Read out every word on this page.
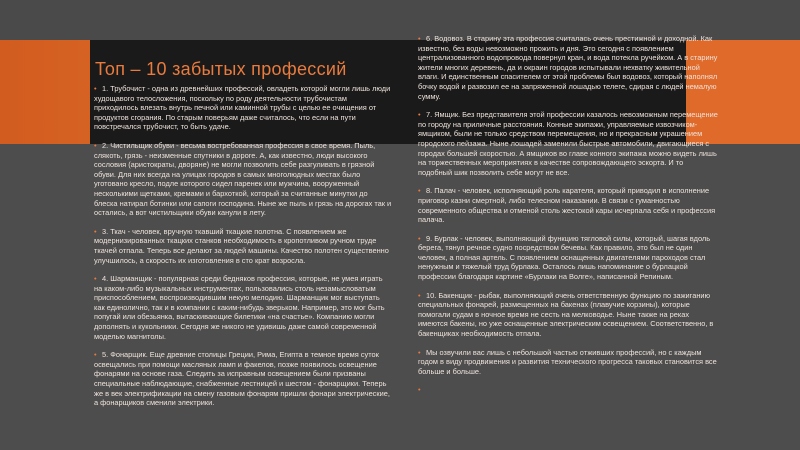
Топ – 10 забытых профессий
• 1. Трубочист - одна из древнейших профессий, овладеть которой могли лишь люди худощавого телосложения, поскольку по роду деятельности трубочистам приходилось влезать внутрь печной или каминной трубы с целью ее очищения от продуктов сгорания. По старым поверьям даже считалось, что если на пути повстречался трубочист, то быть удаче.
• 2. Чистильщик обуви - весьма востребованная профессия в свое время. Пыль, слякоть, грязь - неизменные спутники в дороге. А, как известно, люди высокого сословия (аристократы, дворяне) не могли позволить себе разгуливать в грязной обуви. Для них всегда на улицах городов в самых многолюдных местах было уготовано кресло, подле которого сидел паренек или мужчина, вооруженный несколькими щетками, кремами и бархоткой, который за считанные минутки до блеска натирал ботинки или сапоги господина. Ныне же пыль и грязь на дорогах так и остались, а вот чистильщики обуви канули в лету.
• 3. Ткач - человек, вручную ткавший ткацкие полотна. С появлением же модернизированных ткацких станков необходимость в кропотливом ручном труде ткачей отпала. Теперь все делают за людей машины. Качество полотен существенно улучшилось, а скорость их изготовления в сто крат возросла.
• 4. Шарманщик - популярная среди бедняков профессия, которые, не умея играть на каком-либо музыкальных инструментах, пользовались столь незамысловатым приспособлением, воспроизводившим некую мелодию. Шарманщик мог выступать как единолично, так и в компании с каким-нибудь зверьком. Например, это мог быть попугай или обезьянка, вытаскивающие билетики «на счастье». Компанию могли дополнять и кукольники. Сегодня же никого не удивишь даже самой современной моделью магнитолы.
• 5. Фонарщик. Еще древние столицы Греции, Рима, Египта в темное время суток освещались при помощи масляных ламп и факелов, позже появилось освещение фонарями на основе газа. Следить за исправным освещением были призваны специальные наблюдающие, снабженные лестницей и шестом - фонарщики. Теперь же в век электрификации на смену газовым фонарям пришли фонари электрические, а фонарщиков сменили электрики.
• 6. Водовоз. В старину эта профессия считалась очень престижной и доходной. Как известно, без воды невозможно прожить и дня. Это сегодня с появлением централизованного водопровода повернул кран, и вода потекла ручейком. А в старину жители многих деревень, да и окраин городов испытывали нехватку живительной влаги. И единственным спасителем от этой проблемы был водовоз, который наполнял бочку водой и развозил ее на запряженной лошадью телеге, сдирая с людей немалую сумму.
• 7. Ямщик. Без представителя этой профессии казалось невозможным перемещение по городу на приличные расстояния. Конные экипажи, управляемые извозчиком-ямщиком, были не только средством перемещения, но и прекрасным украшением городского пейзажа. Ныне лошадей заменили быстрые автомобили, двигающиеся с городах большей скоростью. А ямщиков во главе конного экипажа можно видеть лишь на торжественных мероприятиях в качестве сопровождающего эскорта. И то подобный шик позволить себе могут не все.
• 8. Палач - человек, исполняющий роль карателя, который приводил в исполнение приговор казни смертной, либо телесном наказании. В связи с гуманностью современного общества и отменой столь жестокой кары исчерпала себя и профессия палача.
• 9. Бурлак - человек, выполняющий функцию тягловой силы, который, шагая вдоль берега, тянул речное судно посредством бечевы. Как правило, это был не один человек, а полная артель. С появлением оснащенных двигателями пароходов стал ненужным и тяжелый труд бурлака. Осталось лишь напоминание о бурлацкой профессии благодаря картине «Бурлаки на Волге», написанной Репиным.
• 10. Бакенщик - рыбак, выполняющий очень ответственную функцию по зажиганию специальных фонарей, размещенных на бакенах (плавучие корзины), которые помогали судам в ночное время не сесть на мелководье. Ныне также на реках имеются бакены, но уже оснащенные электрическим освещением. Соответственно, в бакенщиках необходимость отпала.
• Мы озвучили вас лишь с небольшой частью отживших профессий, но с каждым годом в виду продвижения и развития технического прогресса таковых становится все больше и больше.
•
